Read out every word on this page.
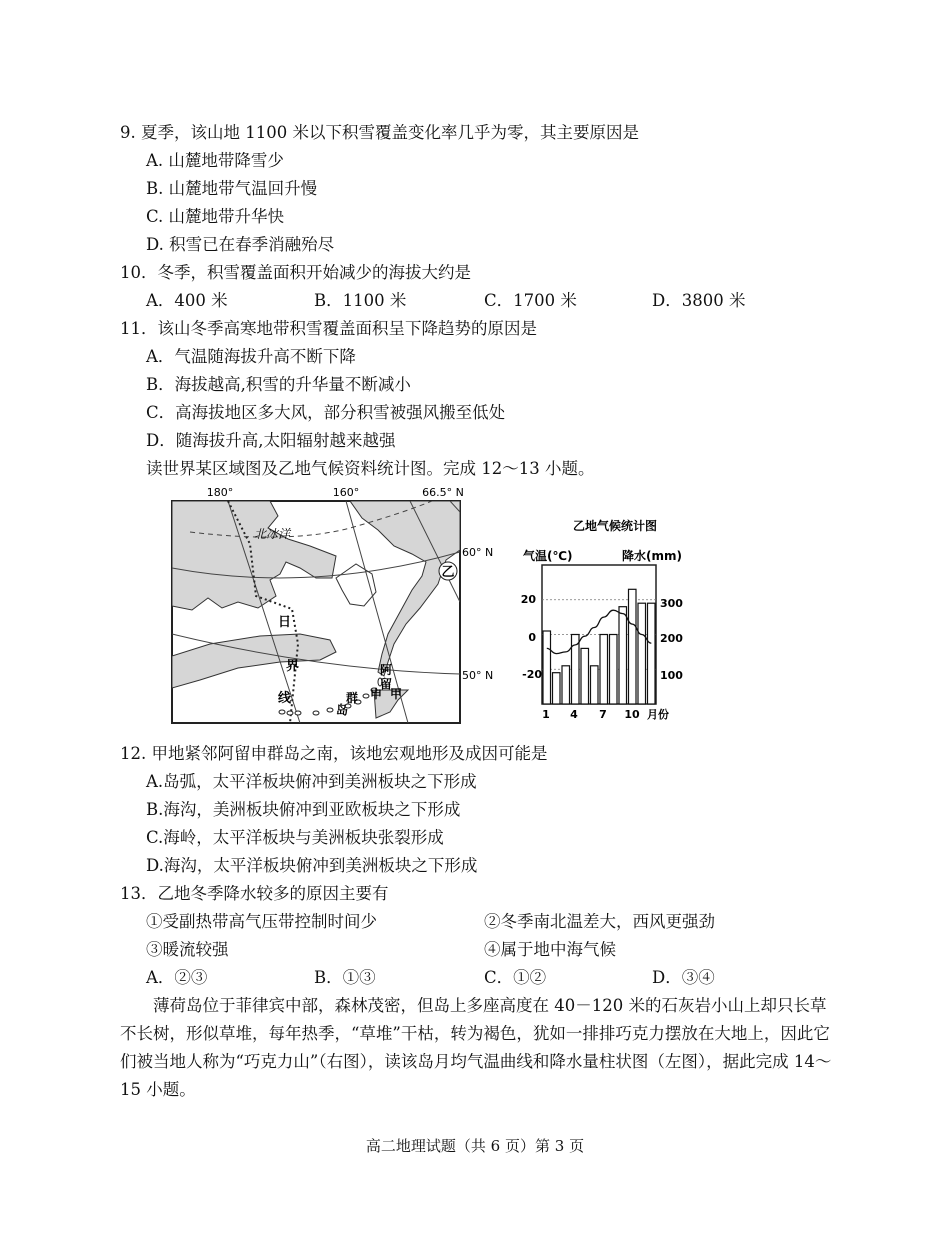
9. 夏季，该山地 1100 米以下积雪覆盖变化率几乎为零，其主要原因是
A. 山麓地带降雪少
B. 山麓地带气温回升慢
C. 山麓地带升华快
D. 积雪已在春季消融殆尽
10．冬季，积雪覆盖面积开始减少的海拔大约是
A．400 米	B．1100 米	C．1700 米	D．3800 米
11．该山冬季高寒地带积雪覆盖面积呈下降趋势的原因是
A．气温随海拔升高不断下降
B．海拔越高,积雪的升华量不断减小
C．高海拔地区多大风，部分积雪被强风搬至低处
D．随海拔升高,太阳辐射越来越强
读世界某区域图及乙地气候资料统计图。完成 12～13 小题。
180°	160°	66.5° N
北冰洋
日
界
线
阿
留
申
群
岛
甲
乙
60° N
50° N
乙地气候统计图
气温(℃)	降水(mm)
20
0
-20
300
200
100
1 4 7 10 月份
12. 甲地紧邻阿留申群岛之南，该地宏观地形及成因可能是
A.岛弧，太平洋板块俯冲到美洲板块之下形成
B.海沟，美洲板块俯冲到亚欧板块之下形成
C.海岭，太平洋板块与美洲板块张裂形成
D.海沟，太平洋板块俯冲到美洲板块之下形成
13．乙地冬季降水较多的原因主要有
①受副热带高气压带控制时间少	②冬季南北温差大，西风更强劲
③暖流较强	④属于地中海气候
A．②③	B．①③	C．①②	D．③④
薄荷岛位于菲律宾中部，森林茂密，但岛上多座高度在 40－120 米的石灰岩小山上却只长草不长树，形似草堆，每年热季，“草堆”干枯，转为褐色，犹如一排排巧克力摆放在大地上，因此它们被当地人称为“巧克力山”（右图），读该岛月均气温曲线和降水量柱状图（左图），据此完成 14～15 小题。
高二地理试题（共 6 页）第 3 页
